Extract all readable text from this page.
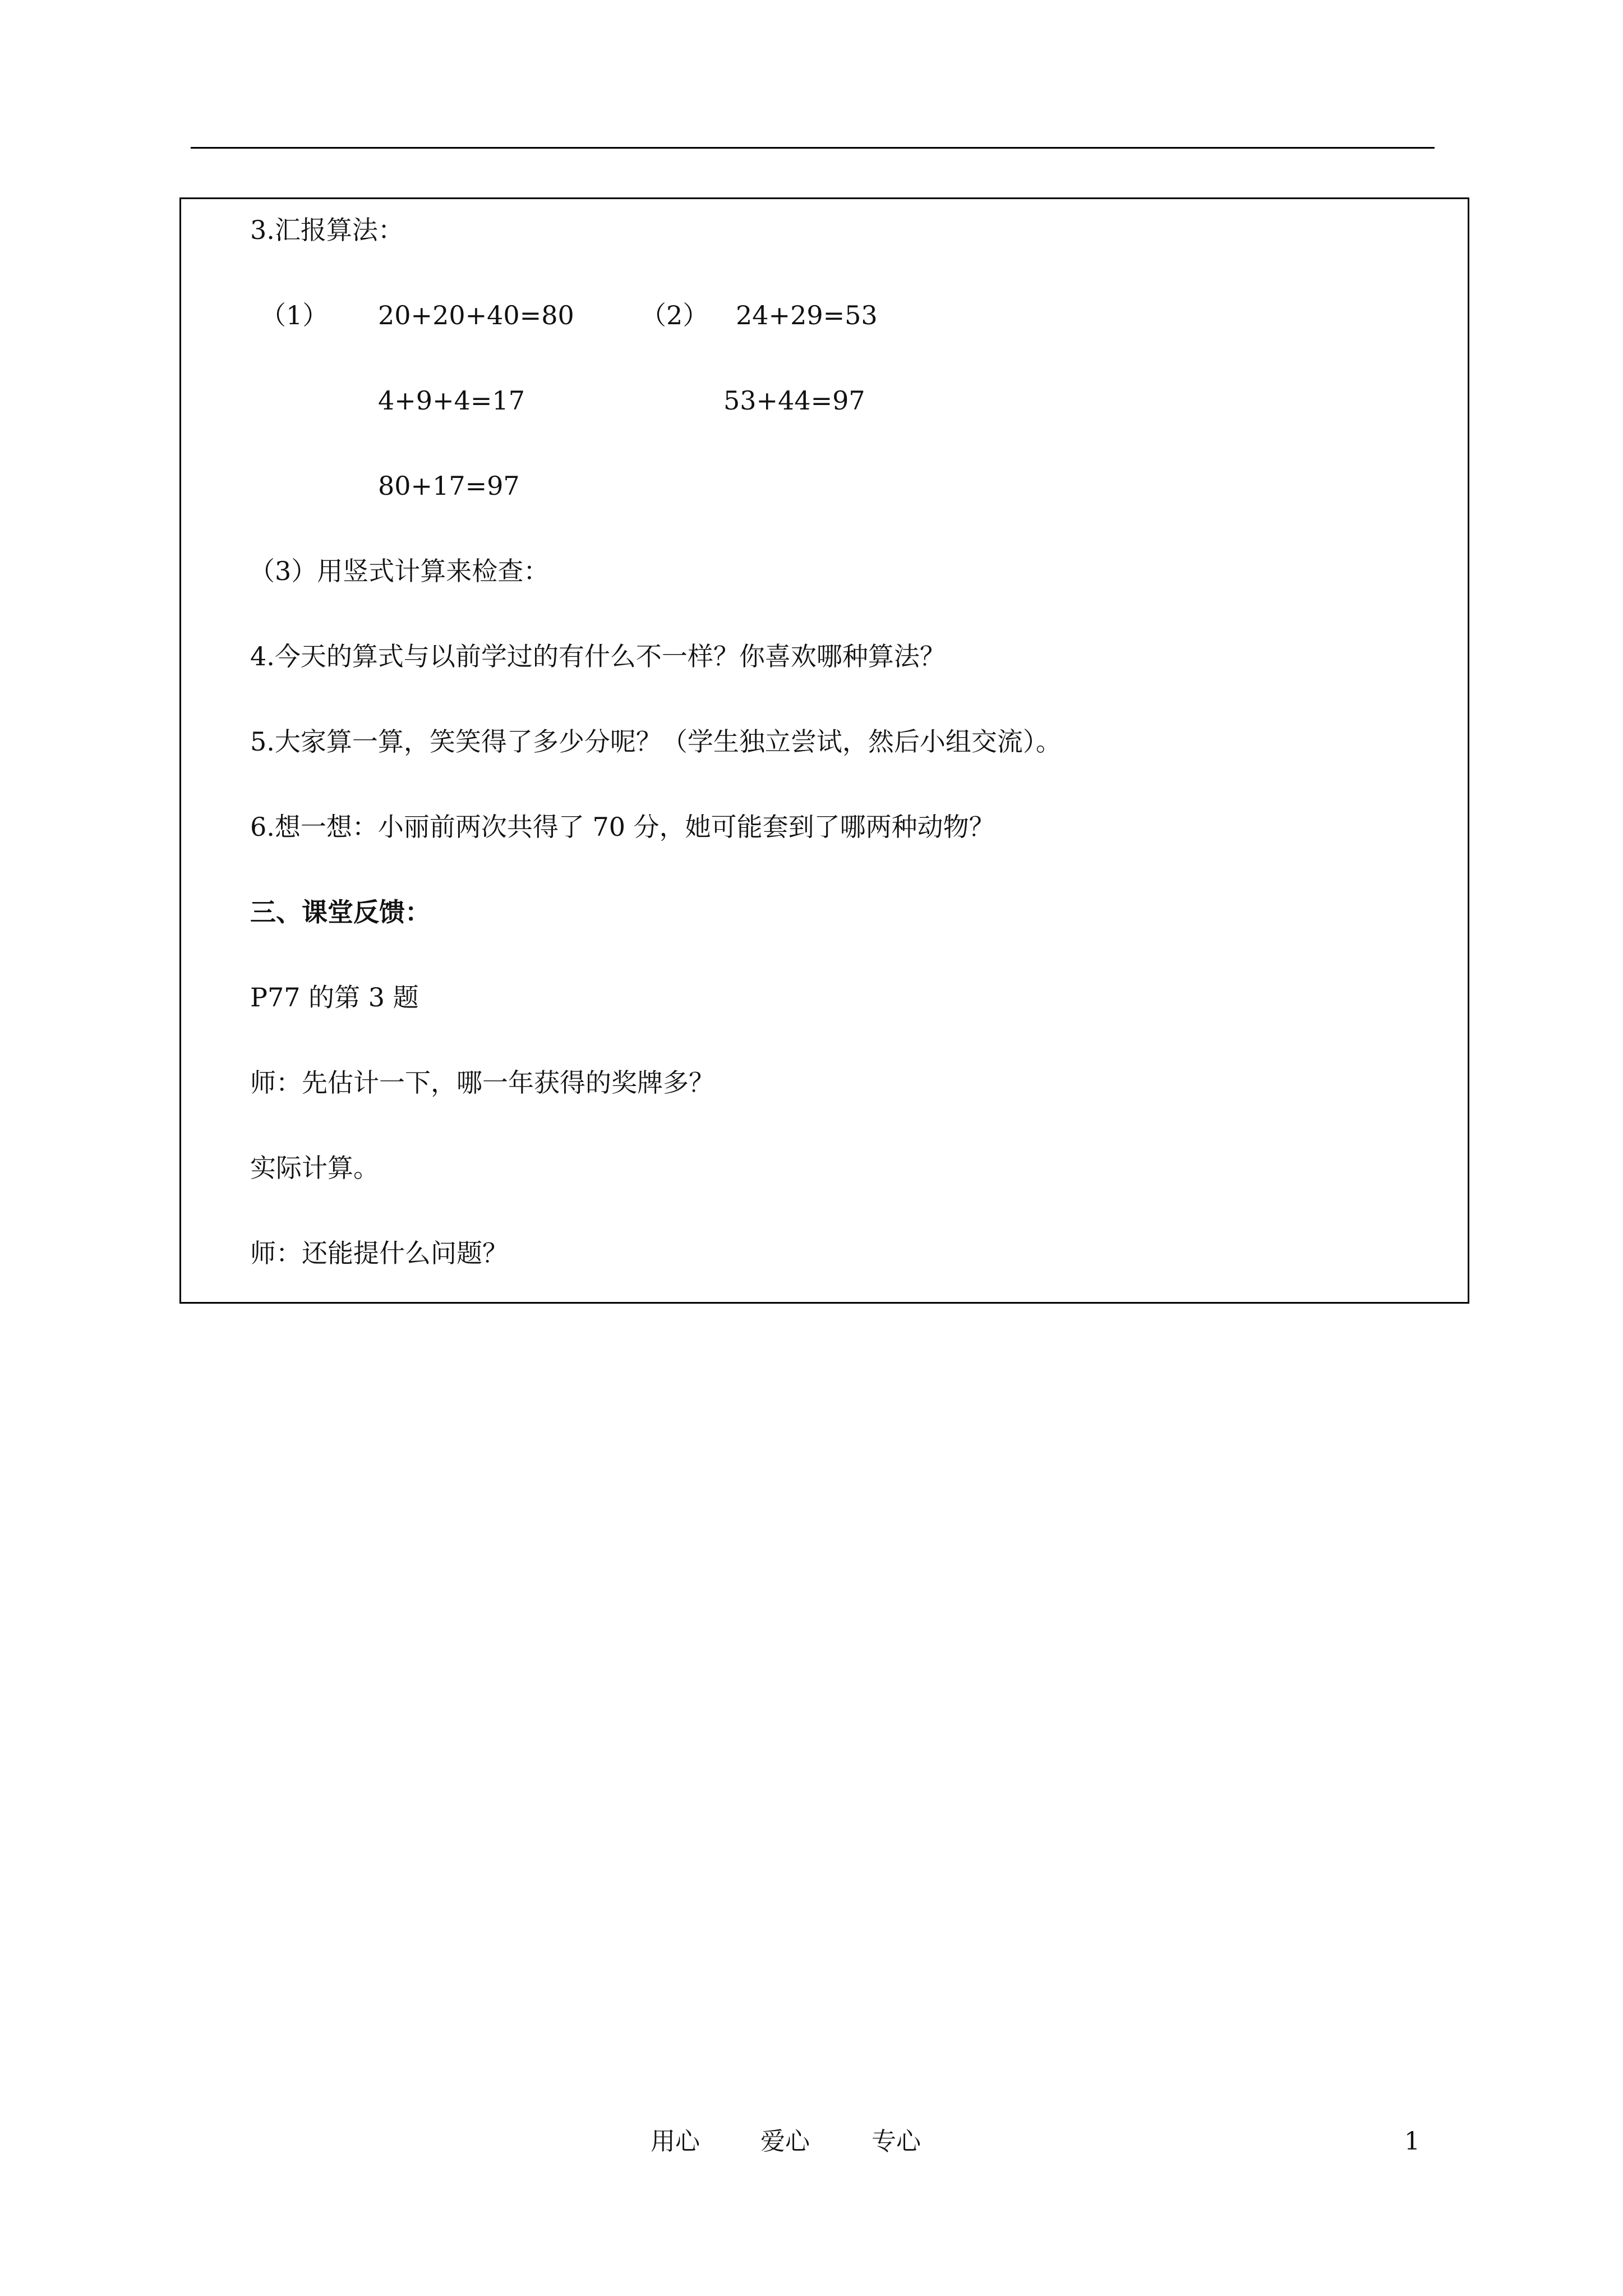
3.汇报算法：
（1） 20+20+40=80
4+9+4=17
80+17=97
（2） 24+29=53
53+44=97
（3）用竖式计算来检查：
4.今天的算式与以前学过的有什么不一样？你喜欢哪种算法？
5.大家算一算，笑笑得了多少分呢？（学生独立尝试，然后小组交流）。
6.想一想：小丽前两次共得了 70 分，她可能套到了哪两种动物？
三、课堂反馈：
P77 的第 3 题
师：先估计一下，哪一年获得的奖牌多？
实际计算。
师：还能提什么问题？
用心 爱心	专心	1
